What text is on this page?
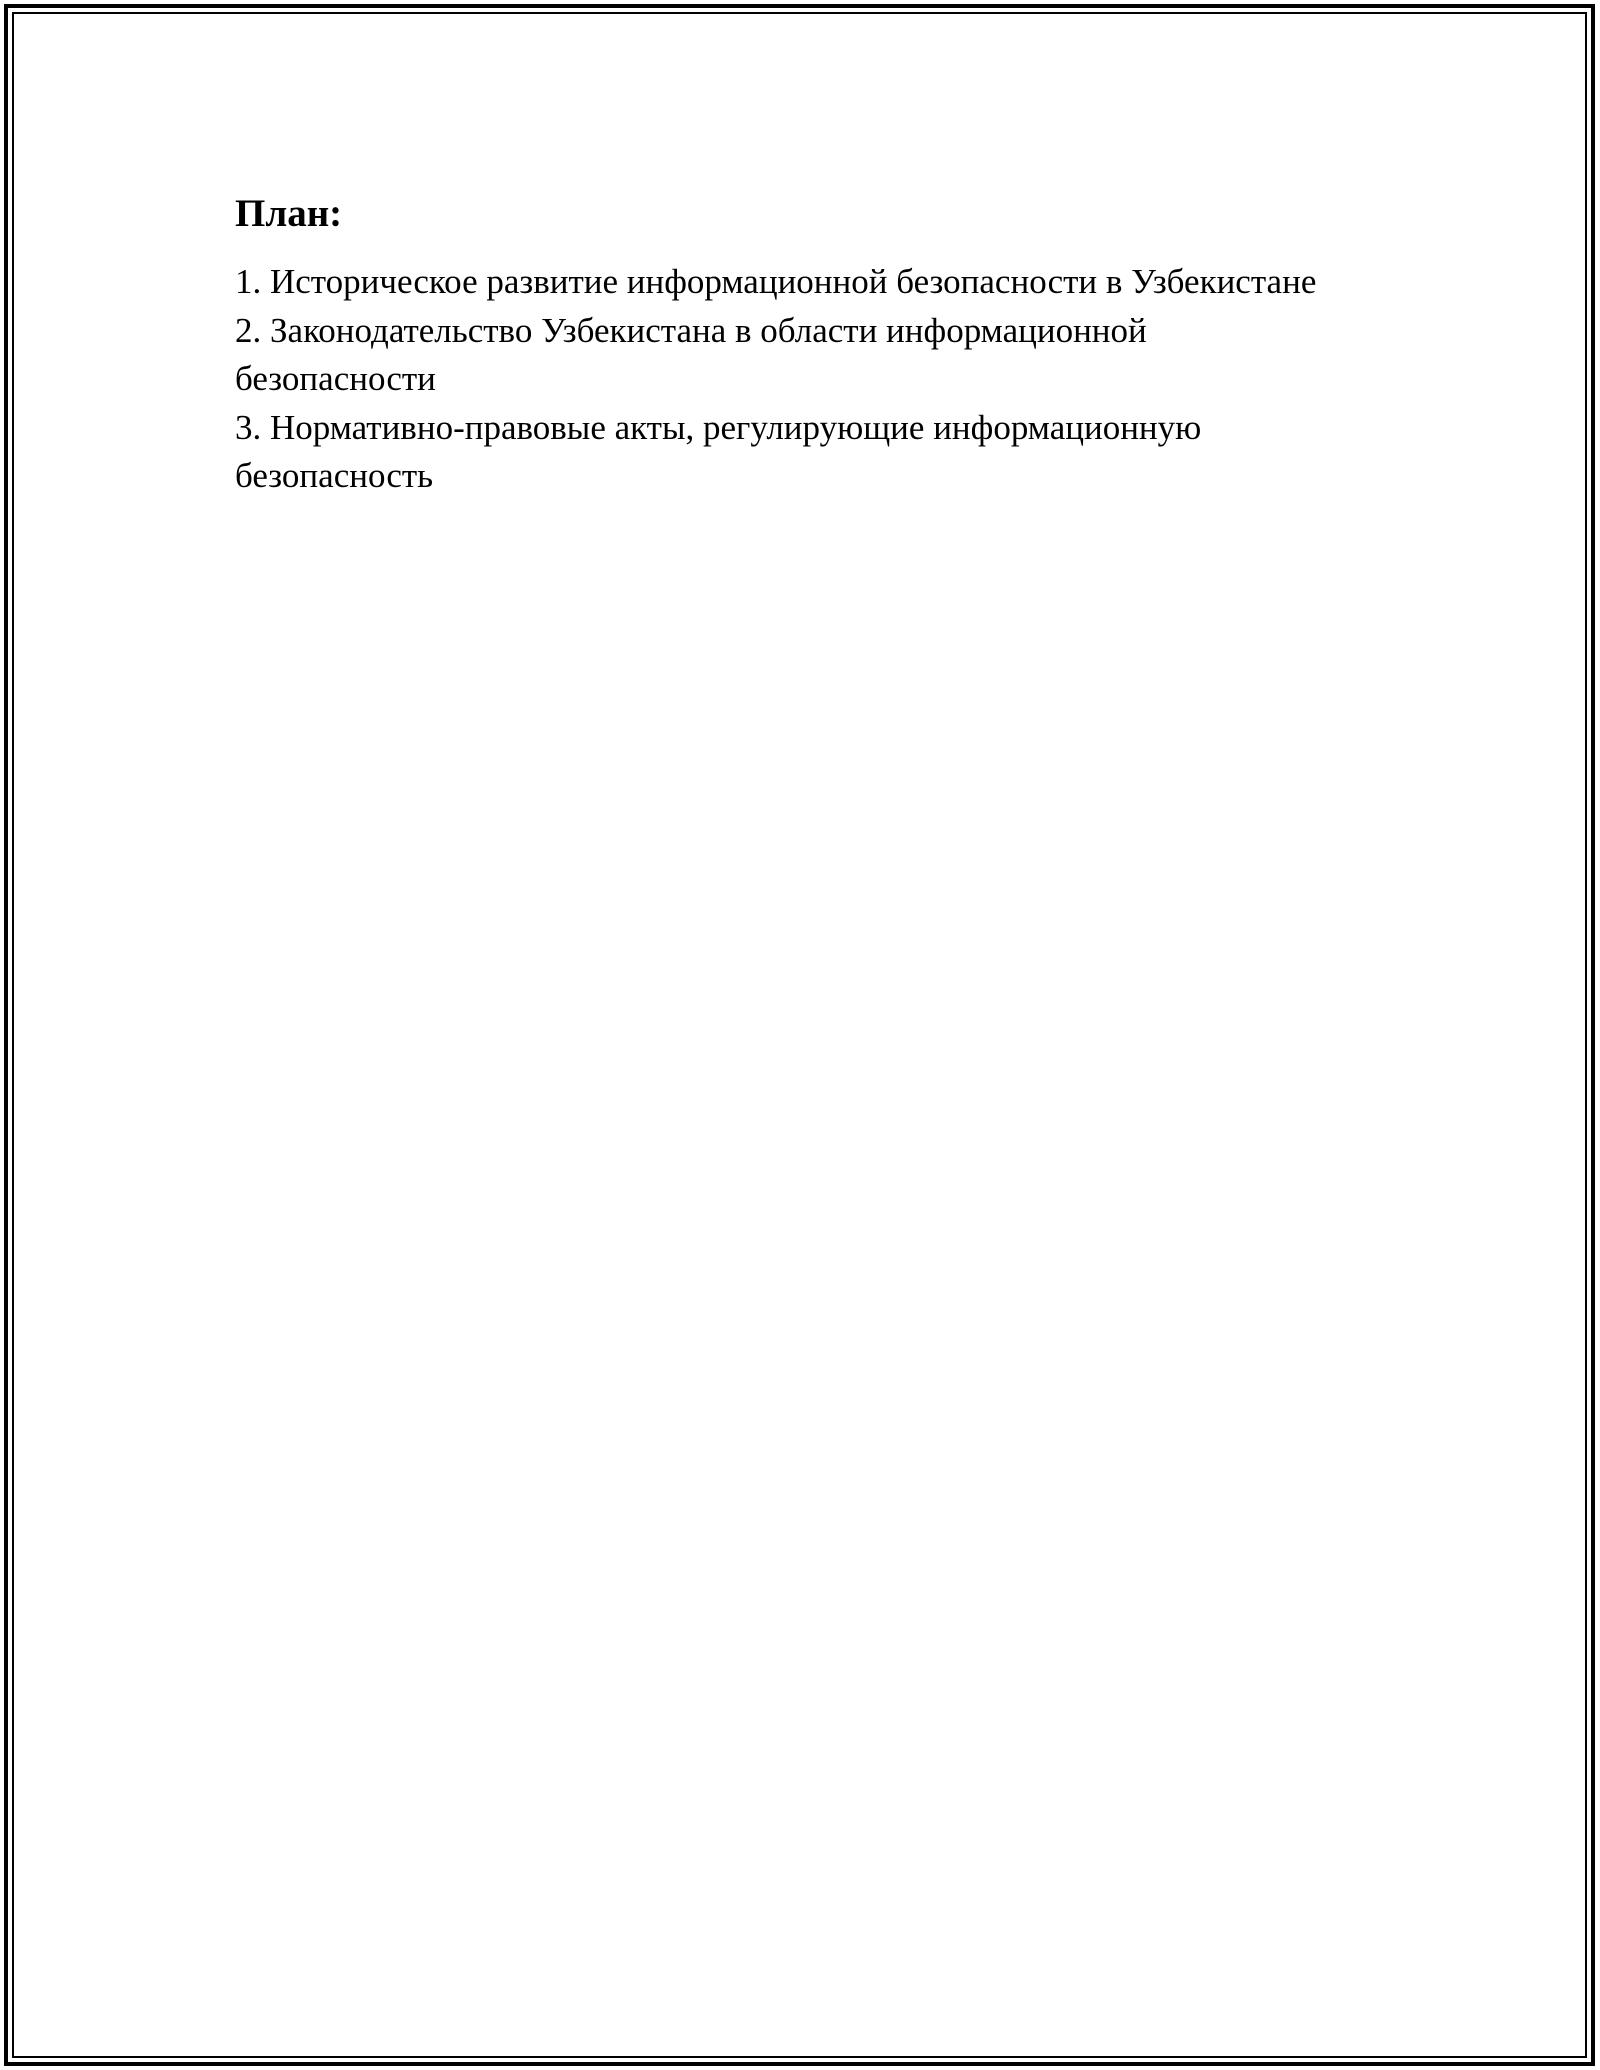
План:
1. Историческое развитие информационной безопасности в Узбекистане
2. Законодательство Узбекистана в области информационной безопасности
3. Нормативно-правовые акты, регулирующие информационную безопасность
